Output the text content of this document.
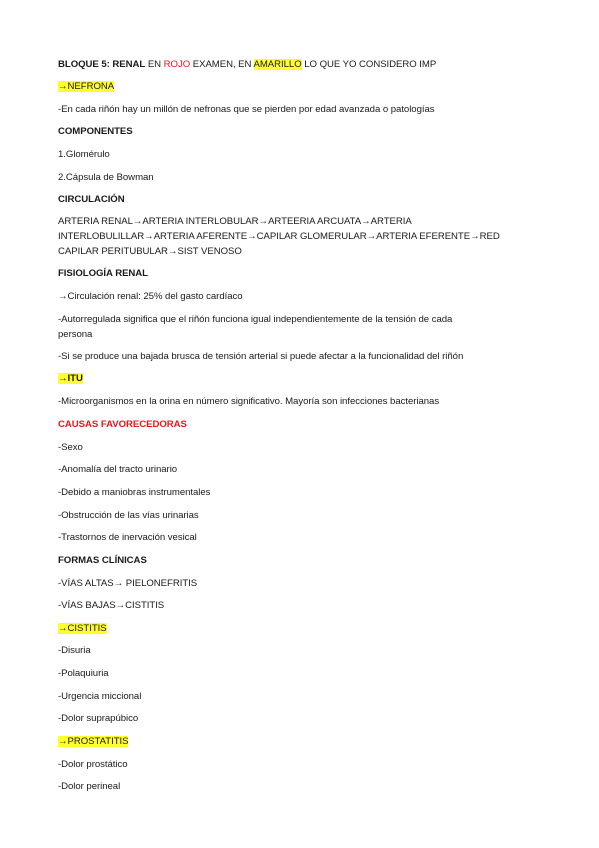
BLOQUE 5: RENAL EN ROJO EXAMEN, EN AMARILLO LO QUE YO CONSIDERO IMP

→NEFRONA

-En cada riñón hay un millón de nefronas que se pierden por edad avanzada o patologías

COMPONENTES

1.Glomérulo

2.Cápsula de Bowman

CIRCULACIÓN

ARTERIA RENAL→ARTERIA INTERLOBULAR→ARTEERIA ARCUATA→ARTERIA

INTERLOBULILLAR→ARTERIA AFERENTE→CAPILAR GLOMERULAR→ARTERIA EFERENTE→RED

CAPILAR PERITUBULAR→SIST VENOSO

FISIOLOGÍA RENAL

→Circulación renal: 25% del gasto cardíaco

-Autorregulada significa que el riñón funciona igual independientemente de la tensión de cada

persona

-Si se produce una bajada brusca de tensión arterial si puede afectar a la funcionalidad del riñón

→ITU

-Microorganismos en la orina en número significativo. Mayoría son infecciones bacterianas

CAUSAS FAVORECEDORAS

-Sexo

-Anomalía del tracto urinario

-Debido a maniobras instrumentales

-Obstrucción de las vías urinarias

-Trastornos de inervación vesical

FORMAS CLÍNICAS

-VÍAS ALTAS→ PIELONEFRITIS

-VÍAS BAJAS→CISTITIS

→CISTITIS

-Disuria

-Polaquiuria

-Urgencia miccional

-Dolor suprapúbico

→PROSTATITIS

-Dolor prostático

-Dolor perineal
